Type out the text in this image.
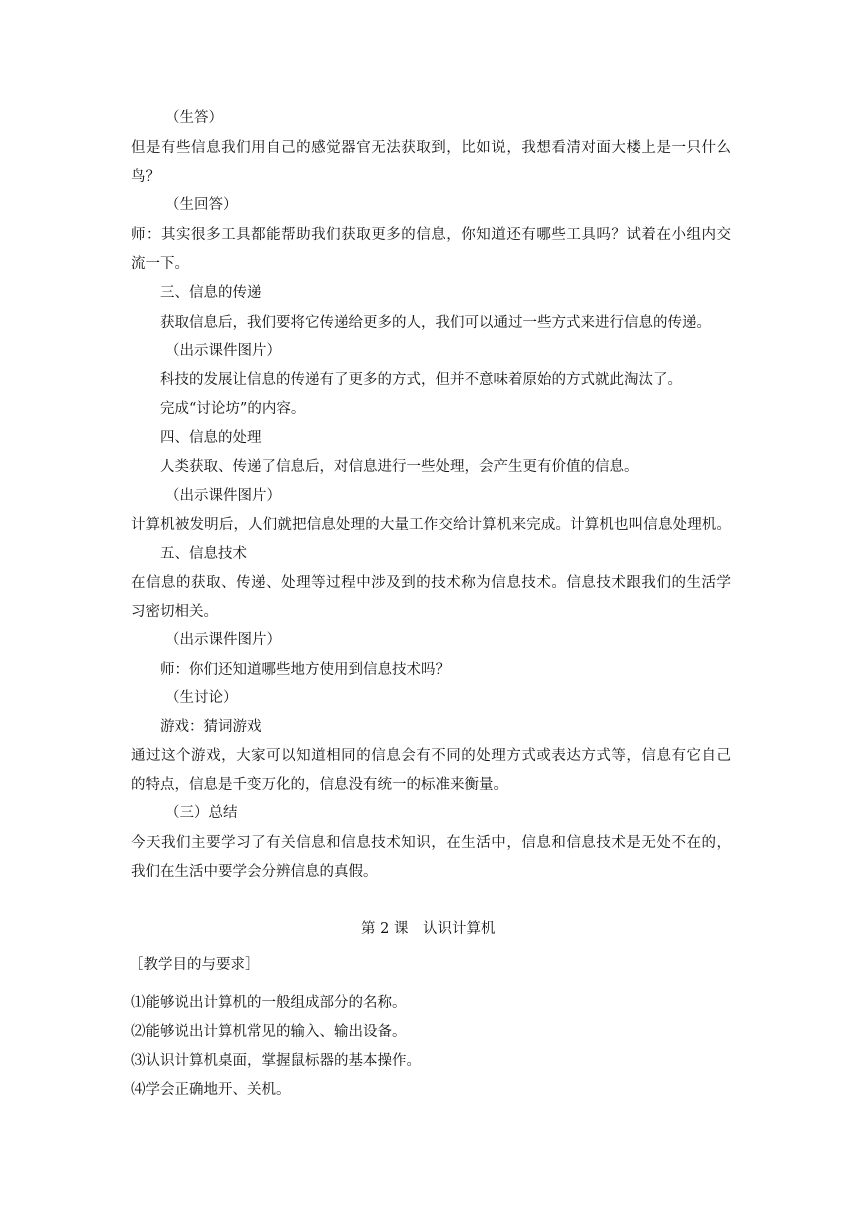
（生答）
但是有些信息我们用自己的感觉器官无法获取到，比如说，我想看清对面大楼上是一只什么
鸟？
（生回答）
师：其实很多工具都能帮助我们获取更多的信息，你知道还有哪些工具吗？试着在小组内交
流一下。
三、信息的传递
获取信息后，我们要将它传递给更多的人，我们可以通过一些方式来进行信息的传递。
（出示课件图片）
科技的发展让信息的传递有了更多的方式，但并不意味着原始的方式就此淘汰了。
完成“讨论坊”的内容。
四、信息的处理
人类获取、传递了信息后，对信息进行一些处理，会产生更有价值的信息。
（出示课件图片）
计算机被发明后，人们就把信息处理的大量工作交给计算机来完成。计算机也叫信息处理机。
五、信息技术
在信息的获取、传递、处理等过程中涉及到的技术称为信息技术。信息技术跟我们的生活学
习密切相关。
（出示课件图片）
师：你们还知道哪些地方使用到信息技术吗？
（生讨论）
游戏：猜词游戏
通过这个游戏，大家可以知道相同的信息会有不同的处理方式或表达方式等，信息有它自己
的特点，信息是千变万化的，信息没有统一的标准来衡量。
（三）总结
今天我们主要学习了有关信息和信息技术知识，在生活中，信息和信息技术是无处不在的，
我们在生活中要学会分辨信息的真假。
第 2 课　认识计算机
［教学目的与要求］
⑴能够说出计算机的一般组成部分的名称。
⑵能够说出计算机常见的输入、输出设备。
⑶认识计算机桌面，掌握鼠标器的基本操作。
⑷学会正确地开、关机。
